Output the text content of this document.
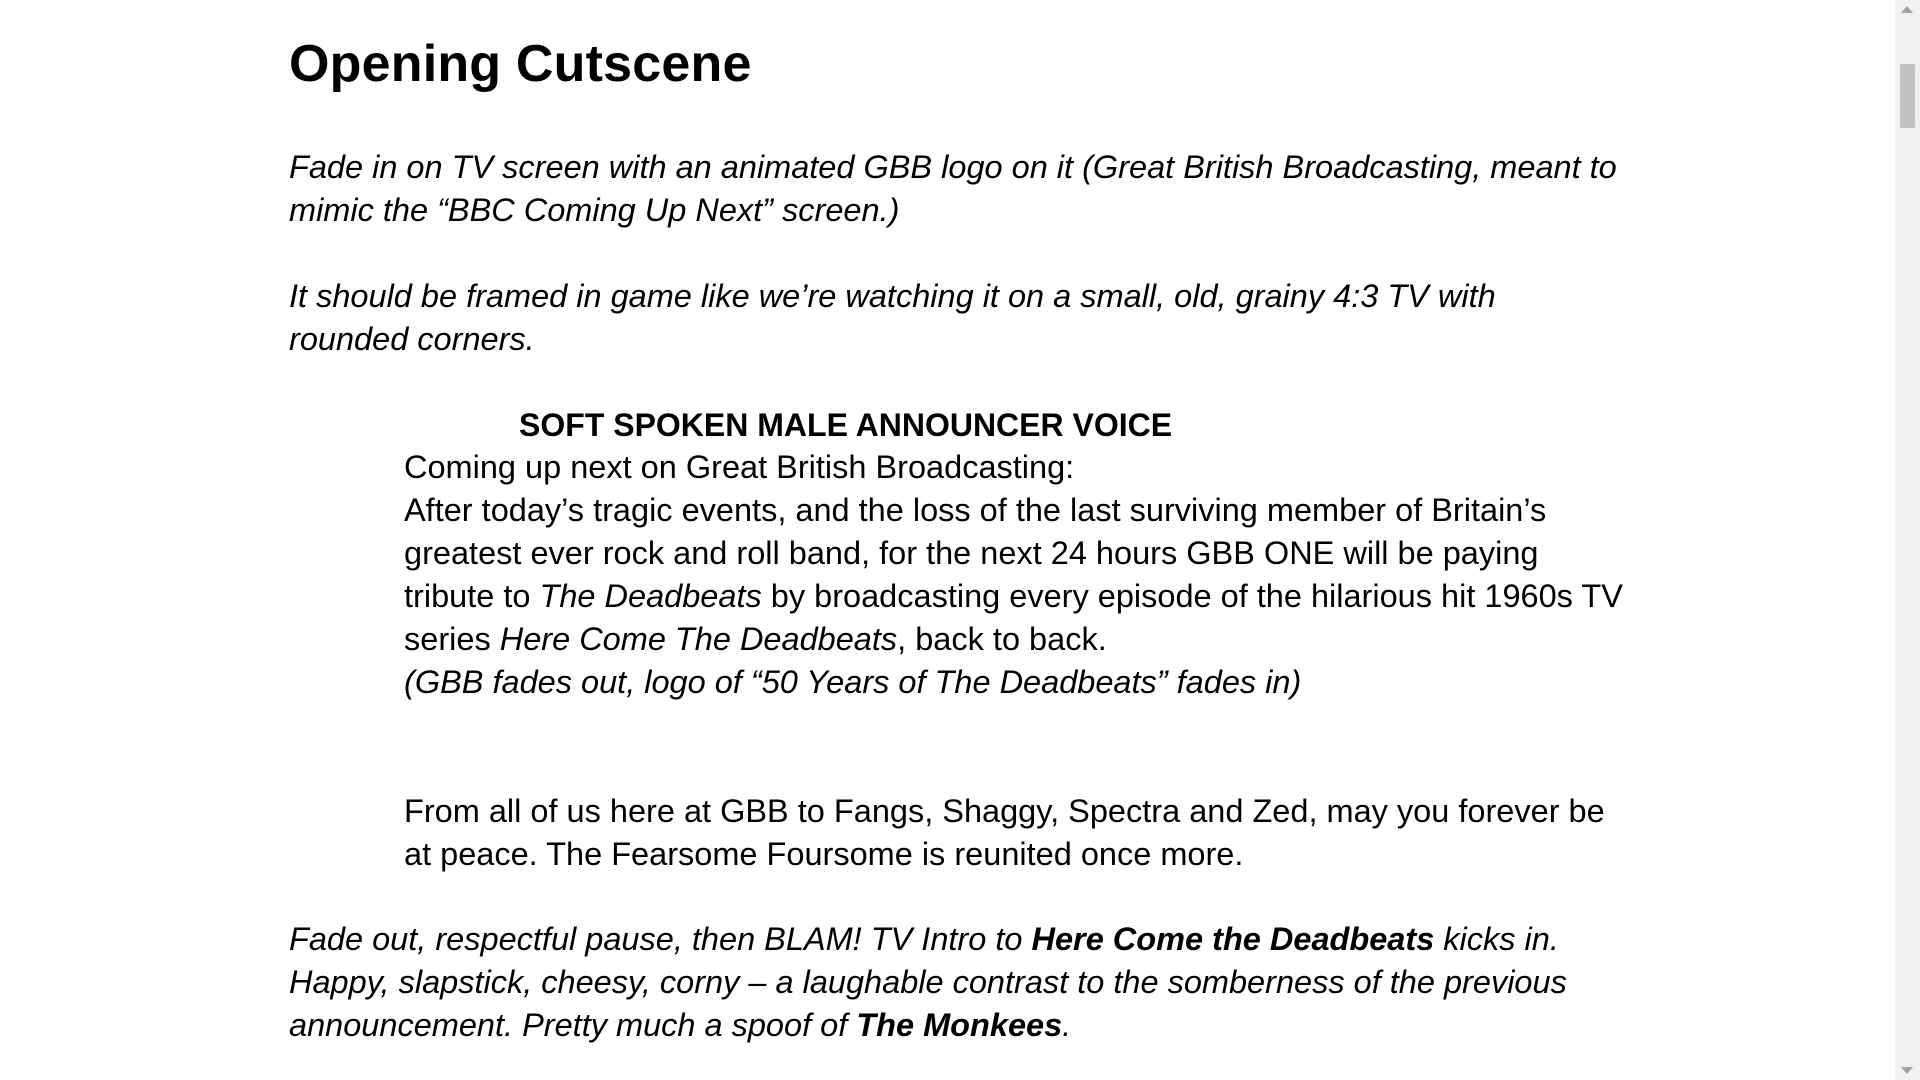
Opening Cutscene

Fade in on TV screen with an animated GBB logo on it (Great British Broadcasting, meant to mimic the “BBC Coming Up Next” screen.)

It should be framed in game like we’re watching it on a small, old, grainy 4:3 TV with rounded corners.

SOFT SPOKEN MALE ANNOUNCER VOICE

Coming up next on Great British Broadcasting:

After today’s tragic events, and the loss of the last surviving member of Britain’s greatest ever rock and roll band, for the next 24 hours GBB ONE will be paying tribute to The Deadbeats by broadcasting every episode of the hilarious hit 1960s TV series Here Come The Deadbeats, back to back.

(GBB fades out, logo of “50 Years of The Deadbeats” fades in)

From all of us here at GBB to Fangs, Shaggy, Spectra and Zed, may you forever be at peace. The Fearsome Foursome is reunited once more.

Fade out, respectful pause, then BLAM! TV Intro to Here Come the Deadbeats kicks in. Happy, slapstick, cheesy, corny – a laughable contrast to the somberness of the previous announcement. Pretty much a spoof of The Monkees.
